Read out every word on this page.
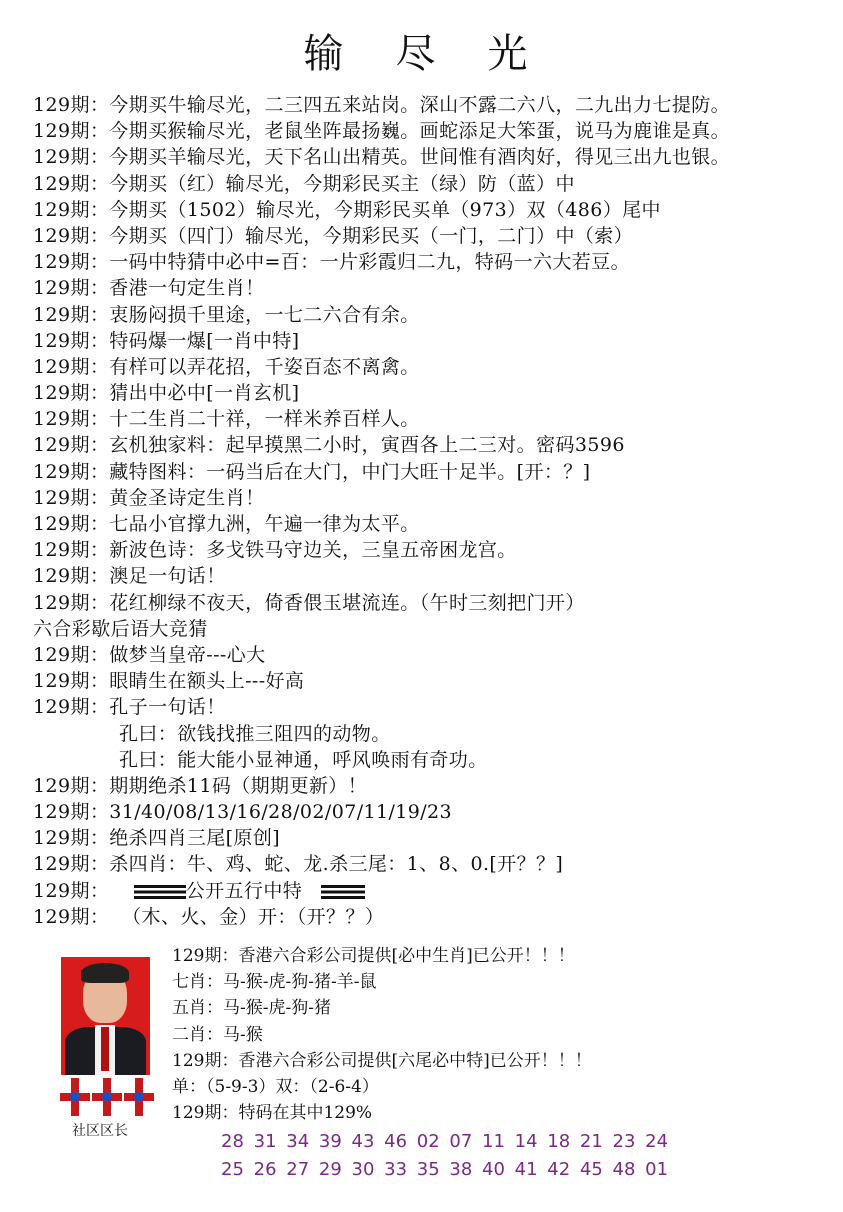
输尽光
129期：今期买牛输尽光，二三四五来站岗。深山不露二六八，二九出力七提防。
129期：今期买猴输尽光，老鼠坐阵最扬巍。画蛇添足大笨蛋，说马为鹿谁是真。
129期：今期买羊输尽光，天下名山出精英。世间惟有酒肉好，得见三出九也银。
129期：今期买（红）输尽光，今期彩民买主（绿）防（蓝）中
129期：今期买（1502）输尽光，今期彩民买单（973）双（486）尾中
129期：今期买（四门）输尽光，今期彩民买（一门，二门）中（索）
129期：一码中特猜中必中=百：一片彩霞归二九，特码一六大若豆。
129期：香港一句定生肖！
129期：衷肠闷损千里途，一七二六合有余。
129期：特码爆一爆[一肖中特]
129期：有样可以弄花招，千姿百态不离禽。
129期：猜出中必中[一肖玄机]
129期：十二生肖二十祥，一样米养百样人。
129期：玄机独家料：起早摸黑二小时，寅酉各上二三对。密码3596
129期：藏特图料：一码当后在大门，中门大旺十足半。[开：？]
129期：黄金圣诗定生肖！
129期：七品小官撑九洲，午遍一律为太平。
129期：新波色诗：多戈铁马守边关，三皇五帝困龙宫。
129期：澳足一句话！
129期：花红柳绿不夜天，倚香偎玉堪流连。（午时三刻把门开）
六合彩歇后语大竞猜
129期：做梦当皇帝---心大
129期：眼睛生在额头上---好高
129期：孔子一句话！
孔曰：欲钱找推三阻四的动物。
孔曰：能大能小显神通，呼风唤雨有奇功。
129期：期期绝杀11码（期期更新）！
129期：31/40/08/13/16/28/02/07/11/19/23
129期：绝杀四肖三尾[原创]
129期：杀四肖：牛、鸡、蛇、龙.杀三尾：1、8、0.[开？？]
129期：	公开五行中特
129期：  （木、火、金）开：（开？？）
社区区长
129期：香港六合彩公司提供[必中生肖]已公开！！！
七肖：马-猴-虎-狗-猪-羊-鼠
五肖：马-猴-虎-狗-猪
二肖：马-猴
129期：香港六合彩公司提供[六尾必中特]已公开！！！
单：（5-9-3）双：（2-6-4）
129期：特码在其中129%
28 31 34 39 43 46 02 07 11 14 18 21 23 24
25 26 27 29 30 33 35 38 40 41 42 45 48 01
